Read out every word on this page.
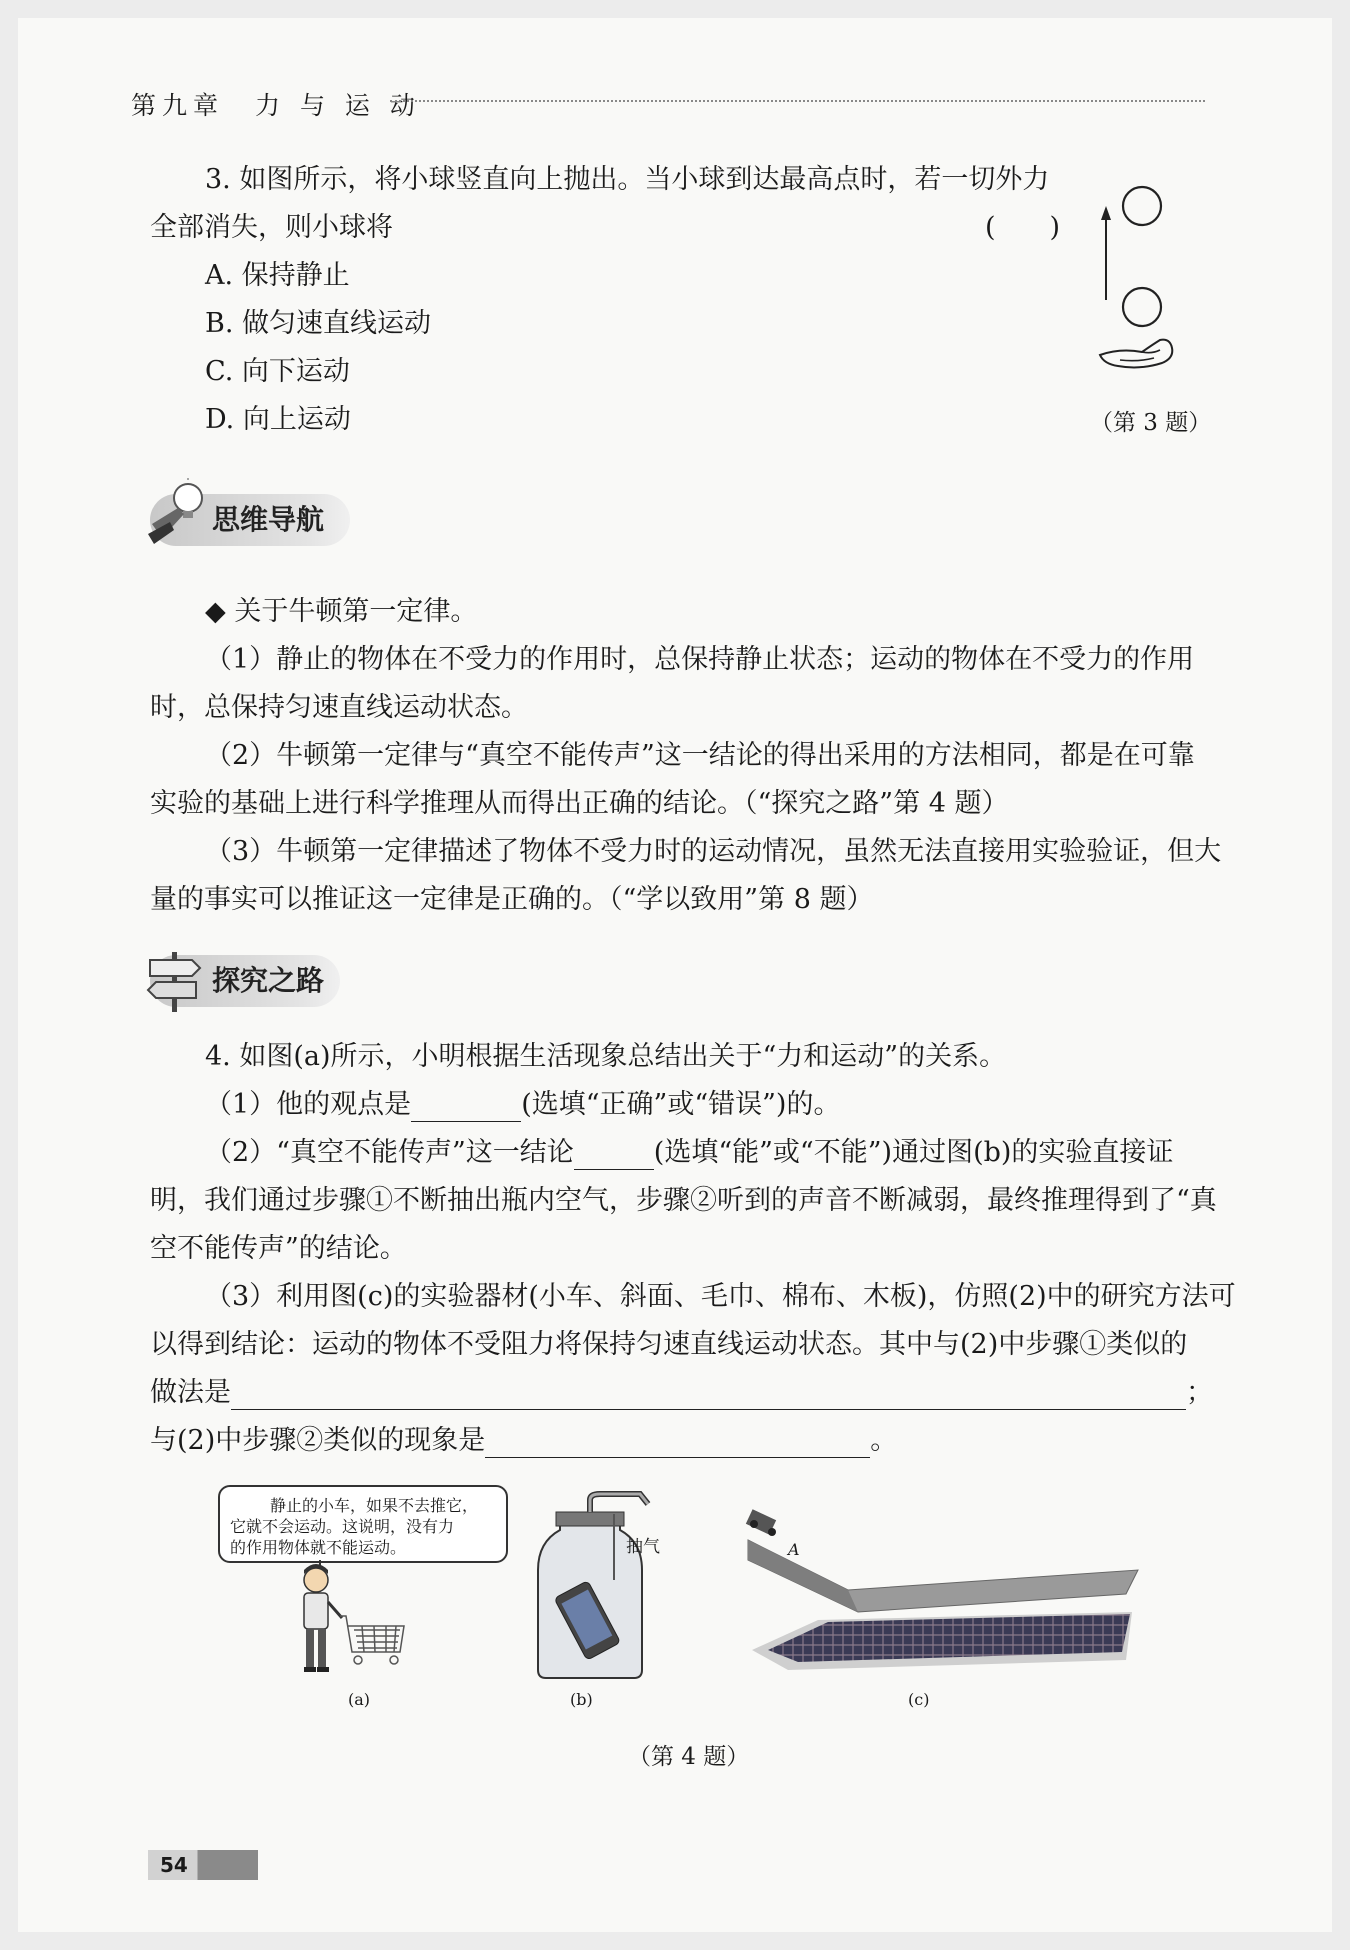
第九章　力 与 运 动
3. 如图所示，将小球竖直向上抛出。当小球到达最高点时，若一切外力
全部消失，则小球将	(　　)
A. 保持静止
B. 做匀速直线运动
C. 向下运动
D. 向上运动	（第 3 题）
思维导航
◆ 关于牛顿第一定律。
（1）静止的物体在不受力的作用时，总保持静止状态；运动的物体在不受力的作用
时，总保持匀速直线运动状态。
（2）牛顿第一定律与“真空不能传声”这一结论的得出采用的方法相同，都是在可靠
实验的基础上进行科学推理从而得出正确的结论。（“探究之路”第 4 题）
（3）牛顿第一定律描述了物体不受力时的运动情况，虽然无法直接用实验验证，但大
量的事实可以推证这一定律是正确的。（“学以致用”第 8 题）
探究之路
4. 如图(a)所示，小明根据生活现象总结出关于“力和运动”的关系。
（1）他的观点是	(选填“正确”或“错误”)的。
（2）“真空不能传声”这一结论	(选填“能”或“不能”)通过图(b)的实验直接证
明，我们通过步骤①不断抽出瓶内空气，步骤②听到的声音不断减弱，最终推理得到了“真
空不能传声”的结论。
（3）利用图(c)的实验器材(小车、斜面、毛巾、棉布、木板)，仿照(2)中的研究方法可
以得到结论：运动的物体不受阻力将保持匀速直线运动状态。其中与(2)中步骤①类似的
做法是	；
与(2)中步骤②类似的现象是	。
静止的小车，如果不去推它，
它就不会运动。这说明，没有力
的作用物体就不能运动。
(a)
抽气
(b)
A
(c)
（第 4 题）
54
